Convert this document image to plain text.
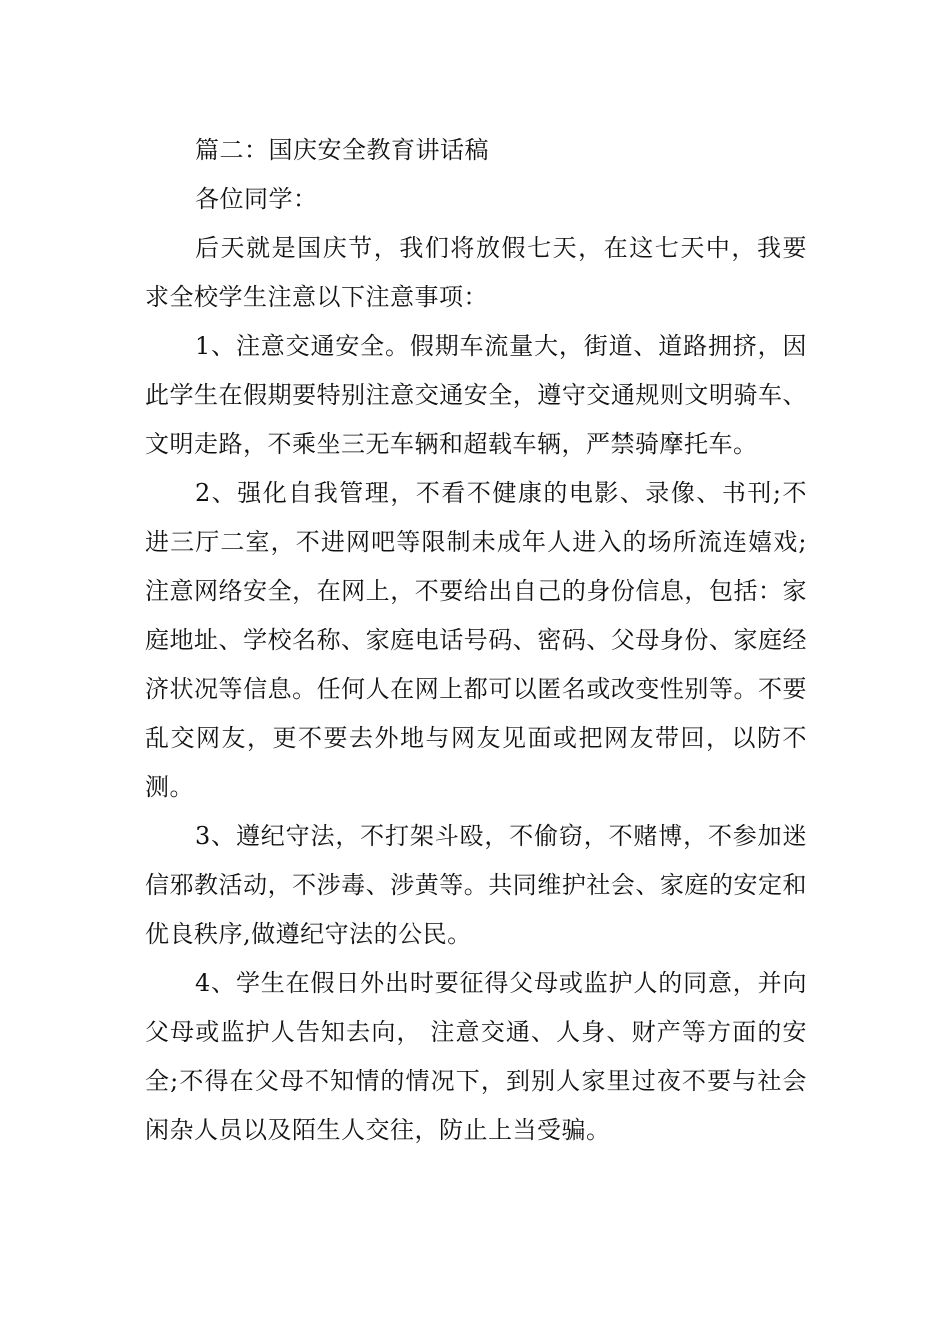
篇二：国庆安全教育讲话稿

各位同学：

后天就是国庆节，我们将放假七天，在这七天中，我要求全校学生注意以下注意事项：

1、注意交通安全。假期车流量大，街道、道路拥挤，因此学生在假期要特别注意交通安全，遵守交通规则文明骑车、文明走路，不乘坐三无车辆和超载车辆，严禁骑摩托车。

2、强化自我管理，不看不健康的电影、录像、书刊;不进三厅二室，不进网吧等限制未成年人进入的场所流连嬉戏;注意网络安全，在网上，不要给出自己的身份信息，包括：家庭地址、学校名称、家庭电话号码、密码、父母身份、家庭经济状况等信息。任何人在网上都可以匿名或改变性别等。不要乱交网友，更不要去外地与网友见面或把网友带回，以防不测。

3、遵纪守法，不打架斗殴，不偷窃，不赌博，不参加迷信邪教活动，不涉毒、涉黄等。共同维护社会、家庭的安定和优良秩序,做遵纪守法的公民。

4、学生在假日外出时要征得父母或监护人的同意，并向父母或监护人告知去向， 注意交通、人身、财产等方面的安全;不得在父母不知情的情况下，到别人家里过夜不要与社会闲杂人员以及陌生人交往，防止上当受骗。
